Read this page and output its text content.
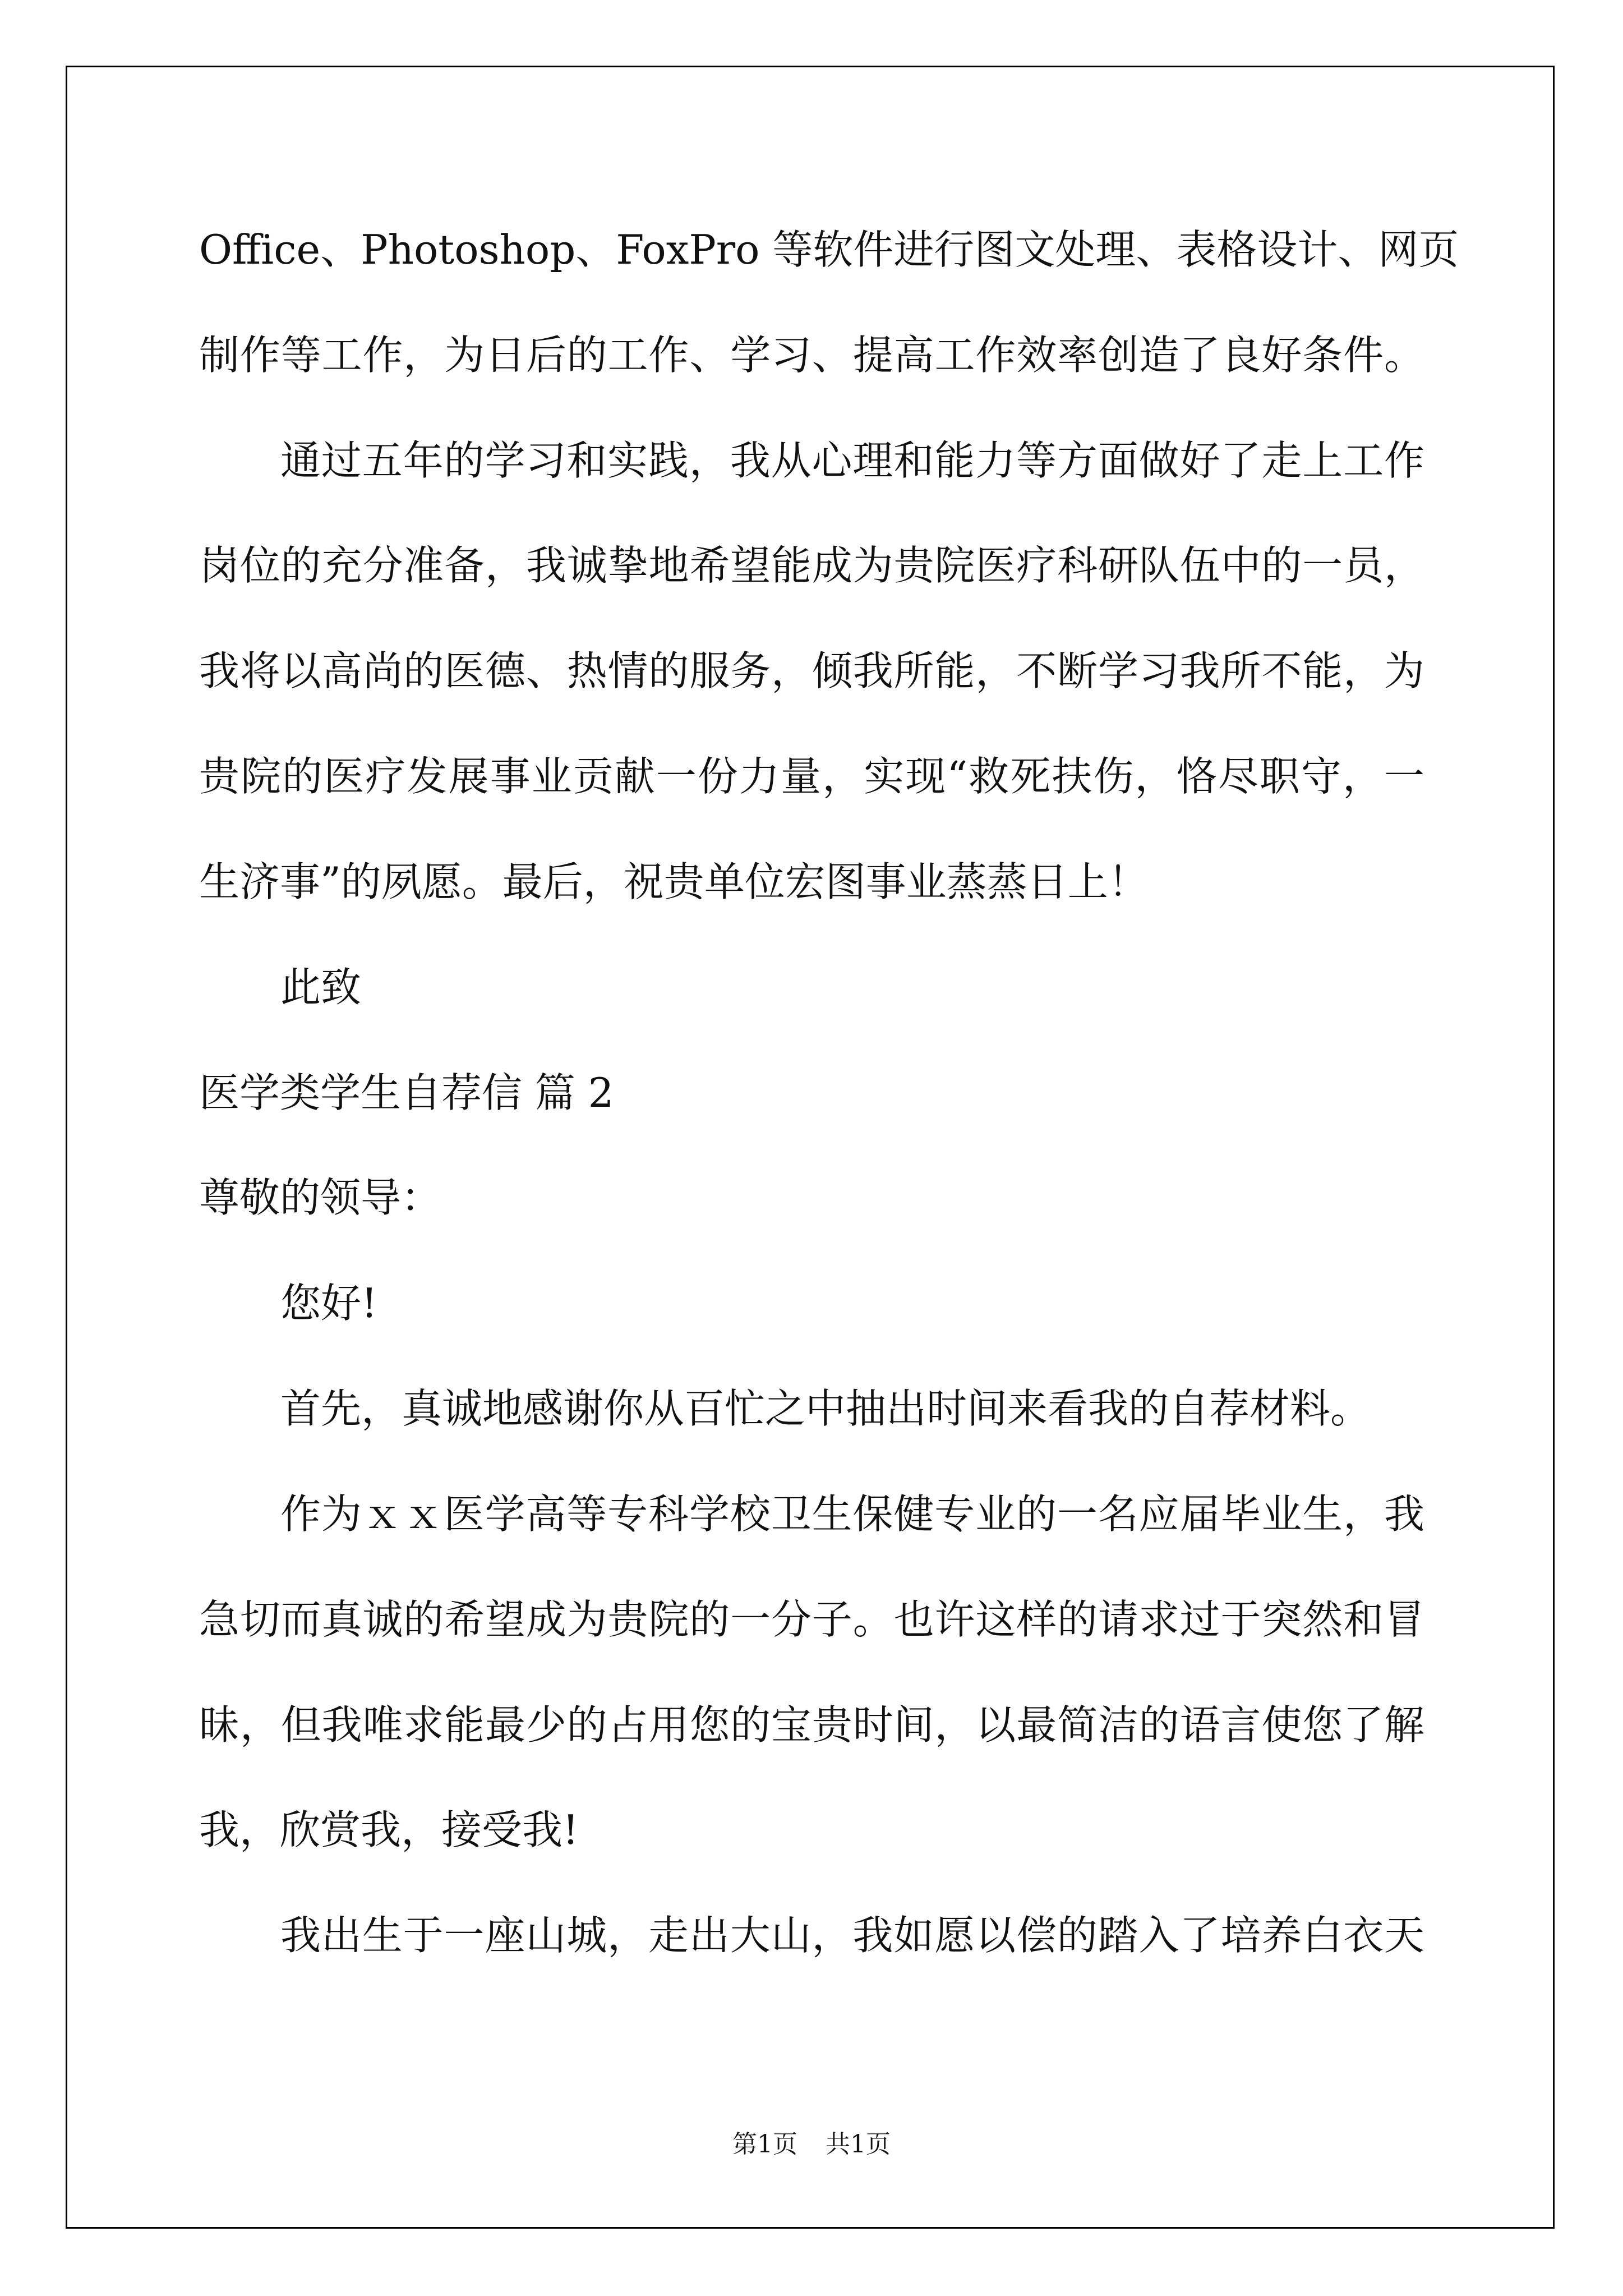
Office、Photoshop、FoxPro 等软件进行图文处理、表格设计、网页
制作等工作，为日后的工作、学习、提高工作效率创造了良好条件。
通过五年的学习和实践，我从心理和能力等方面做好了走上工作
岗位的充分准备，我诚挚地希望能成为贵院医疗科研队伍中的一员，
我将以高尚的医德、热情的服务，倾我所能，不断学习我所不能，为
贵院的医疗发展事业贡献一份力量，实现“救死扶伤，恪尽职守，一
生济事”的夙愿。最后，祝贵单位宏图事业蒸蒸日上！
此致
医学类学生自荐信 篇 2
尊敬的领导：
您好!
首先，真诚地感谢你从百忙之中抽出时间来看我的自荐材料。
作为ｘｘ医学高等专科学校卫生保健专业的一名应届毕业生，我
急切而真诚的希望成为贵院的一分子。也许这样的请求过于突然和冒
昧，但我唯求能最少的占用您的宝贵时间，以最简洁的语言使您了解
我，欣赏我，接受我!
我出生于一座山城，走出大山，我如愿以偿的踏入了培养白衣天
第1页 共1页
